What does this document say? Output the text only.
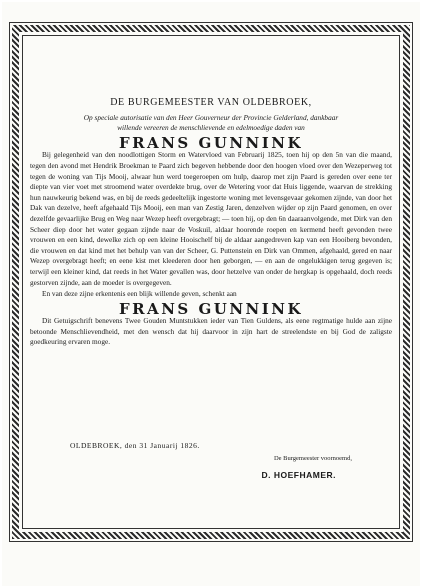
DE BURGEMEESTER VAN OLDEBROEK,

Op speciale autorisatie van den Heer Gouverneur der Provincie Gelderland, dankbaar

willende vereeren de menschlievende en edelmoedige daden van

FRANS GUNNINK

Bij gelegenheid van den noodlottigen Storm en Watervloed van Februarij 1825, toen hij op den 5n van die maand, tegen den avond met Hendrik Broekman te Paard zich begeven hebbende door den hoogen vloed over den Wezeperweg tot tegen de woning van Tijs Mooij, alwaar hun werd toegeroepen om hulp, daarop met zijn Paard is gereden over eene ter diepte van vier voet met stroomend water overdekte brug, over de Wetering voor dat Huis liggende, waarvan de strekking hun nauwkeurig bekend was, en bij de reeds gedeeltelijk ingestorte woning met levensgevaar gekomen zijnde, van door het Dak van dezelve, heeft afgehaald Tijs Mooij, een man van Zestig Jaren, denzelven wijder op zijn Paard genomen, en over dezelfde gevaarlijke Brug en Weg naar Wezep heeft overgebragt; — toen hij, op den 6n daaraanvolgende, met Dirk van den Scheer diep door het water gegaan zijnde naar de Voskuil, aldaar hoorende roepen en kermend heeft gevonden twee vrouwen en een kind, dewelke zich op een kleine Hooischelf bij de aldaar aangedreven kap van een Hooiberg bevonden, die vrouwen en dat kind met het behulp van van der Scheer, G. Puttenstein en Dirk van Ommen, afgehaald, gered en naar Wezep overgebragt heeft; en eene kist met kleederen door hen geborgen, — en aan de ongelukkigen terug gegeven is; terwijl een kleiner kind, dat reeds in het Water gevallen was, door hetzelve van onder de hergkap is opgehaald, doch reeds gestorven zijnde, aan de moeder is overgegeven.

En van deze zijne erkentenis een blijk willende geven, schenkt aan

FRANS GUNNINK

Dit Getuigschrift benevens Twee Gouden Muntstukken ieder van Tien Guldens, als eene regtmatige hulde aan zijne betoonde Menschlievendheid, met den wensch dat hij daarvoor in zijn hart de streelendste en bij God de zaligste goedkeuring ervaren moge.

OLDEBROEK, den 31 Januarij 1826.
De Burgemeester voornoemd,
D. HOEFHAMER.
